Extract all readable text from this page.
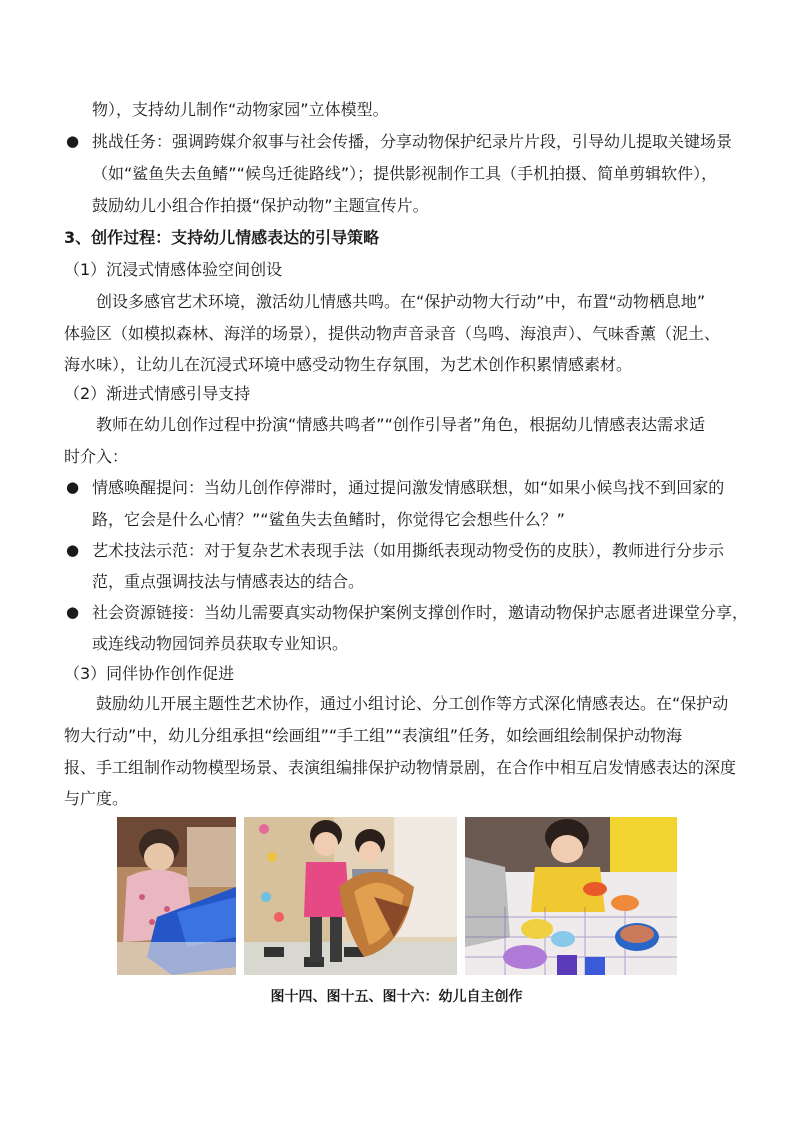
物），支持幼儿制作“动物家园”立体模型。
● 挑战任务：强调跨媒介叙事与社会传播，分享动物保护纪录片片段，引导幼儿提取关键场景
（如“鲨鱼失去鱼鳍”“候鸟迁徙路线”）；提供影视制作工具（手机拍摄、简单剪辑软件），
鼓励幼儿小组合作拍摄“保护动物”主题宣传片。
3、创作过程：支持幼儿情感表达的引导策略
（1）沉浸式情感体验空间创设
创设多感官艺术环境，激活幼儿情感共鸣。在“保护动物大行动”中，布置“动物栖息地”
体验区（如模拟森林、海洋的场景），提供动物声音录音（鸟鸣、海浪声）、气味香薰（泥土、
海水味），让幼儿在沉浸式环境中感受动物生存氛围，为艺术创作积累情感素材。
（2）渐进式情感引导支持
教师在幼儿创作过程中扮演“情感共鸣者”“创作引导者”角色，根据幼儿情感表达需求适
时介入：
● 情感唤醒提问：当幼儿创作停滞时，通过提问激发情感联想，如“如果小候鸟找不到回家的
路，它会是什么心情？”“鲨鱼失去鱼鳍时，你觉得它会想些什么？”
● 艺术技法示范：对于复杂艺术表现手法（如用撕纸表现动物受伤的皮肤），教师进行分步示
范，重点强调技法与情感表达的结合。
● 社会资源链接：当幼儿需要真实动物保护案例支撑创作时，邀请动物保护志愿者进课堂分享，
或连线动物园饲养员获取专业知识。
（3）同伴协作创作促进
鼓励幼儿开展主题性艺术协作，通过小组讨论、分工创作等方式深化情感表达。在“保护动
物大行动”中，幼儿分组承担“绘画组”“手工组”“表演组”任务，如绘画组绘制保护动物海
报、手工组制作动物模型场景、表演组编排保护动物情景剧，在合作中相互启发情感表达的深度
与广度。
图十四、图十五、图十六：幼儿自主创作
